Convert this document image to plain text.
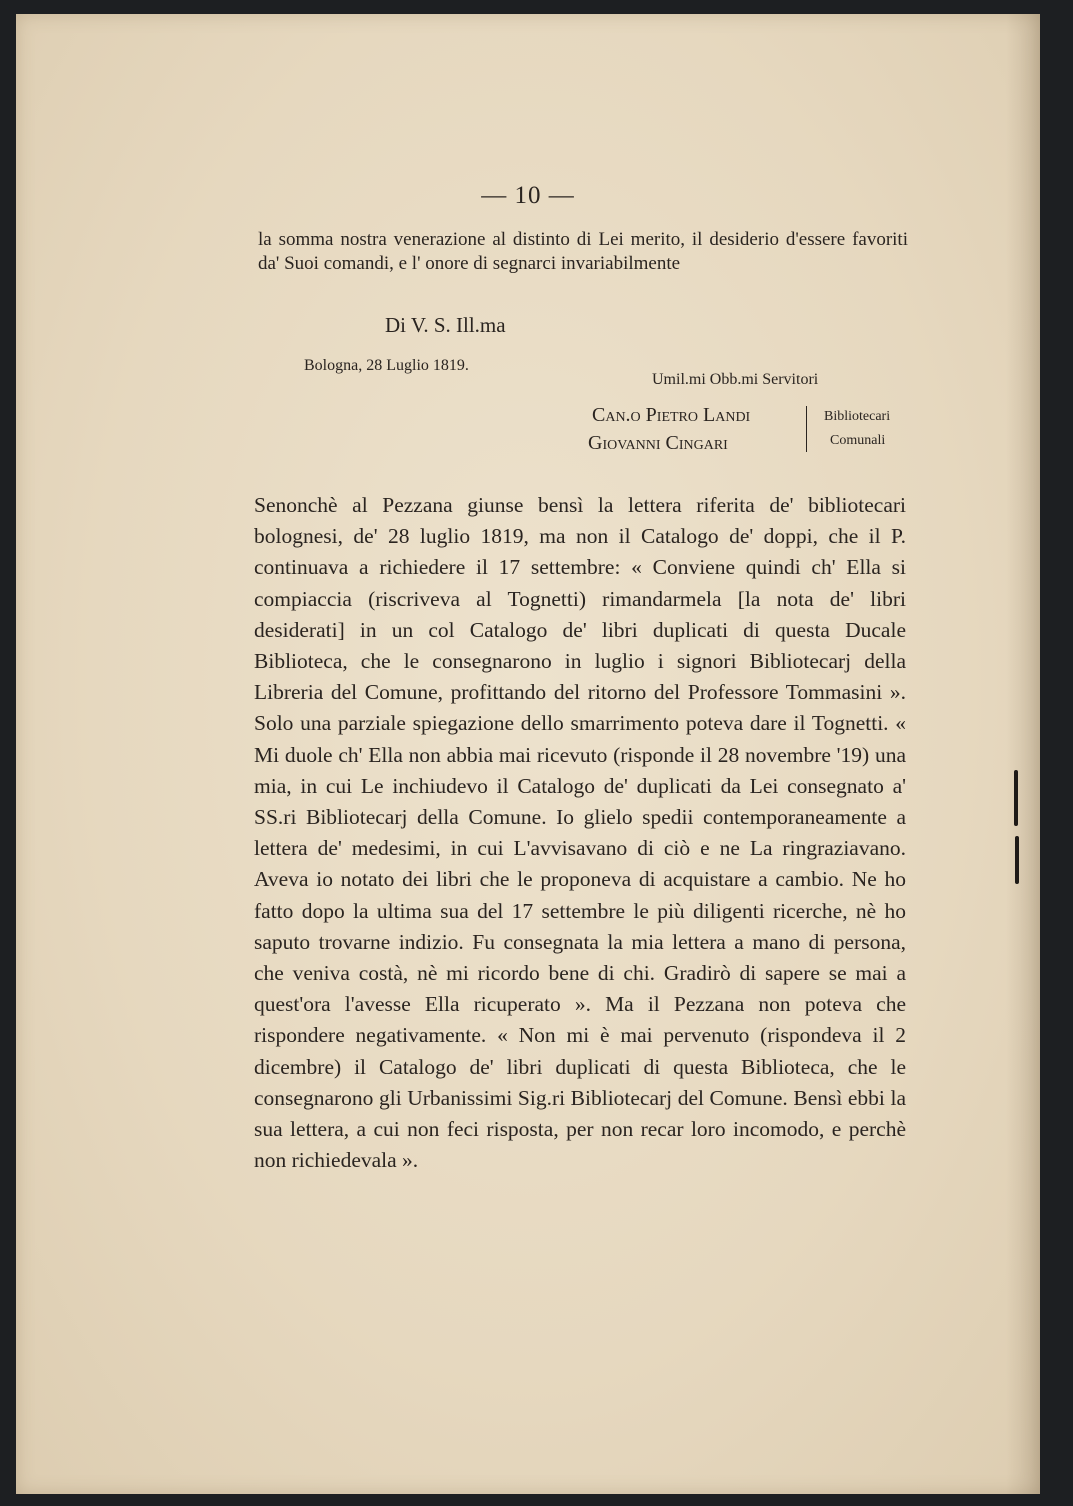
— 10 —

la somma nostra venerazione al distinto di Lei merito, il desiderio d'essere favoriti da' Suoi comandi, e l' onore di segnarci invariabilmente

Di V. S. Ill.ma
Bologna, 28 Luglio 1819.
Umil.mi Obb.mi Servitori
Can.o Pietro Landi
Giovanni Cingari
Bibliotecari
Comunali

Senonchè al Pezzana giunse bensì la lettera riferita de' bibliotecari bolognesi, de' 28 luglio 1819, ma non il Catalogo de' doppi, che il P. continuava a richiedere il 17 settembre: « Conviene quindi ch' Ella si compiaccia (riscriveva al Tognetti) rimandarmela [la nota de' libri desiderati] in un col Catalogo de' libri duplicati di questa Ducale Biblioteca, che le consegnarono in luglio i signori Bibliotecarj della Libreria del Comune, profittando del ritorno del Professore Tommasini ». Solo una parziale spiegazione dello smarrimento poteva dare il Tognetti. « Mi duole ch' Ella non abbia mai ricevuto (risponde il 28 novembre '19) una mia, in cui Le inchiudevo il Catalogo de' duplicati da Lei consegnato a' SS.ri Bibliotecarj della Comune. Io glielo spedii contemporaneamente a lettera de' medesimi, in cui L'avvisavano di ciò e ne La ringraziavano. Aveva io notato dei libri che le proponeva di acquistare a cambio. Ne ho fatto dopo la ultima sua del 17 settembre le più diligenti ricerche, nè ho saputo trovarne indizio. Fu consegnata la mia lettera a mano di persona, che veniva costà, nè mi ricordo bene di chi. Gradirò di sapere se mai a quest'ora l'avesse Ella ricuperato ». Ma il Pezzana non poteva che rispondere negativamente. « Non mi è mai pervenuto (rispondeva il 2 dicembre) il Catalogo de' libri duplicati di questa Biblioteca, che le consegnarono gli Urbanissimi Sig.ri Bibliotecarj del Comune. Bensì ebbi la sua lettera, a cui non feci risposta, per non recar loro incomodo, e perchè non richiedevala ».
